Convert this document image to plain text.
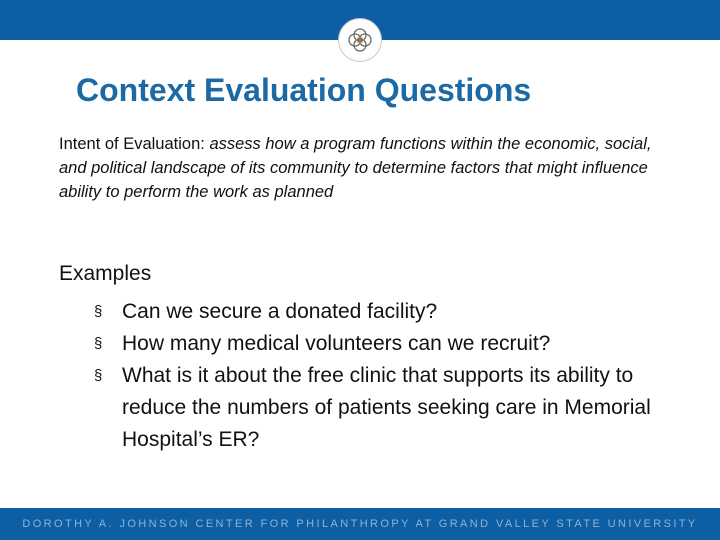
Context Evaluation Questions

Intent of Evaluation: assess how a program functions within the economic, social, and political landscape of its community to determine factors that might influence ability to perform the work as planned

Examples
§ Can we secure a donated facility?
§ How many medical volunteers can we recruit?
§ What is it about the free clinic that supports its ability to reduce the numbers of patients seeking care in Memorial Hospital’s ER?
DOROTHY A. JOHNSON CENTER FOR PHILANTHROPY AT GRAND VALLEY STATE UNIVERSITY
